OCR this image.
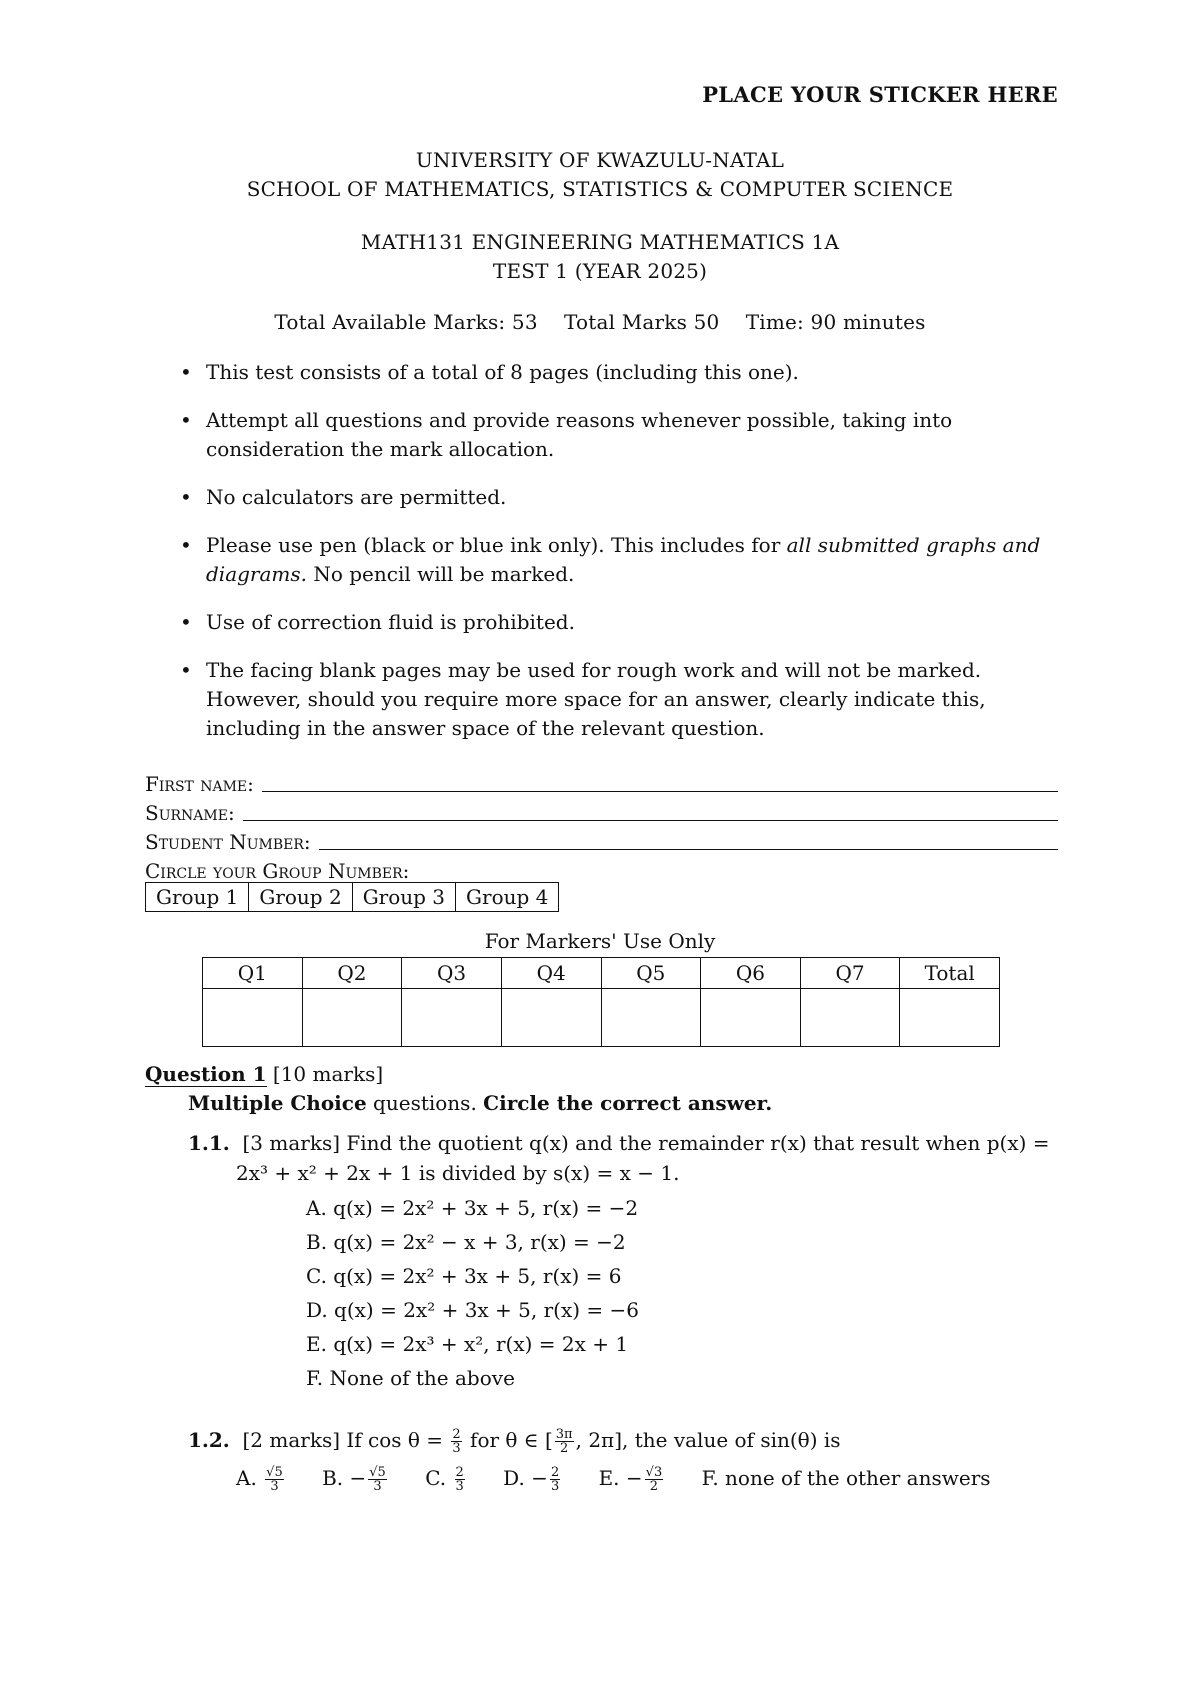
PLACE YOUR STICKER HERE
UNIVERSITY OF KWAZULU-NATAL
SCHOOL OF MATHEMATICS, STATISTICS & COMPUTER SCIENCE
MATH131 ENGINEERING MATHEMATICS 1A
TEST 1 (YEAR 2025)
Total Available Marks: 53    Total Marks 50    Time: 90 minutes
• This test consists of a total of 8 pages (including this one).
• Attempt all questions and provide reasons whenever possible, taking into consideration the mark allocation.
• No calculators are permitted.
• Please use pen (black or blue ink only). This includes for all submitted graphs and diagrams. No pencil will be marked.
• Use of correction fluid is prohibited.
• The facing blank pages may be used for rough work and will not be marked. However, should you require more space for an answer, clearly indicate this, including in the answer space of the relevant question.
First name:
Surname:
Student Number:
Circle your Group Number:
Group 1	Group 2	Group 3	Group 4
For Markers' Use Only
Q1	Q2	Q3	Q4	Q5	Q6	Q7	Total

Question 1 [10 marks]
Multiple Choice questions. Circle the correct answer.
1.1. [3 marks] Find the quotient q(x) and the remainder r(x) that result when p(x) =
2x³ + x² + 2x + 1 is divided by s(x) = x − 1.
A. q(x) = 2x² + 3x + 5, r(x) = −2
B. q(x) = 2x² − x + 3, r(x) = −2
C. q(x) = 2x² + 3x + 5, r(x) = 6
D. q(x) = 2x² + 3x + 5, r(x) = −6
E. q(x) = 2x³ + x², r(x) = 2x + 1
F. None of the above
1.2. [2 marks] If $\cos \theta = \frac{2}{3}$ for θ ∈ [ $\frac{3\pi}{2}$ , 2π], the value of sin(θ) is
A. $\frac{√5}{3} B$. − $\frac{√5}{3} C$. $\frac{2}{3} D$. − $\frac{2}{3} E$. − $\frac{√3}{2} F$. none of the other answers
